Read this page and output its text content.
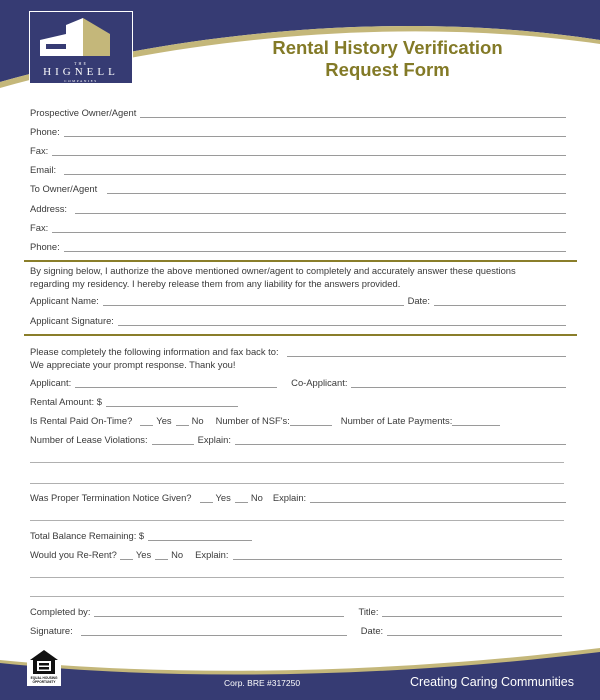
THE
HIGNELL
COMPANIES
Rental History Verification
Request Form
Prospective Owner/Agent
Phone:
Fax:
Email:
To Owner/Agent
Address:
Fax:
Phone:
By signing below, I authorize the above mentioned owner/agent to completely and accurately answer these questions
regarding my residency. I hereby release them from any liability for the answers provided.
Applicant Name:	Date:
Applicant Signature:
Please completely the following information and fax back to:
We appreciate your prompt response. Thank you!
Applicant:	Co-Applicant:
Rental Amount: $
Is Rental Paid On-Time?	Yes	No	Number of NSF's:	Number of Late Payments:
Number of Lease Violations:	Explain:
Was Proper Termination Notice Given?	Yes	No	Explain:
Total Balance Remaining: $
Would you Re-Rent?	Yes	No	Explain:
Completed by:	Title:
Signature:	Date:
Corp. BRE #317250	Creating Caring Communities
EQUAL HOUSING
OPPORTUNITY
